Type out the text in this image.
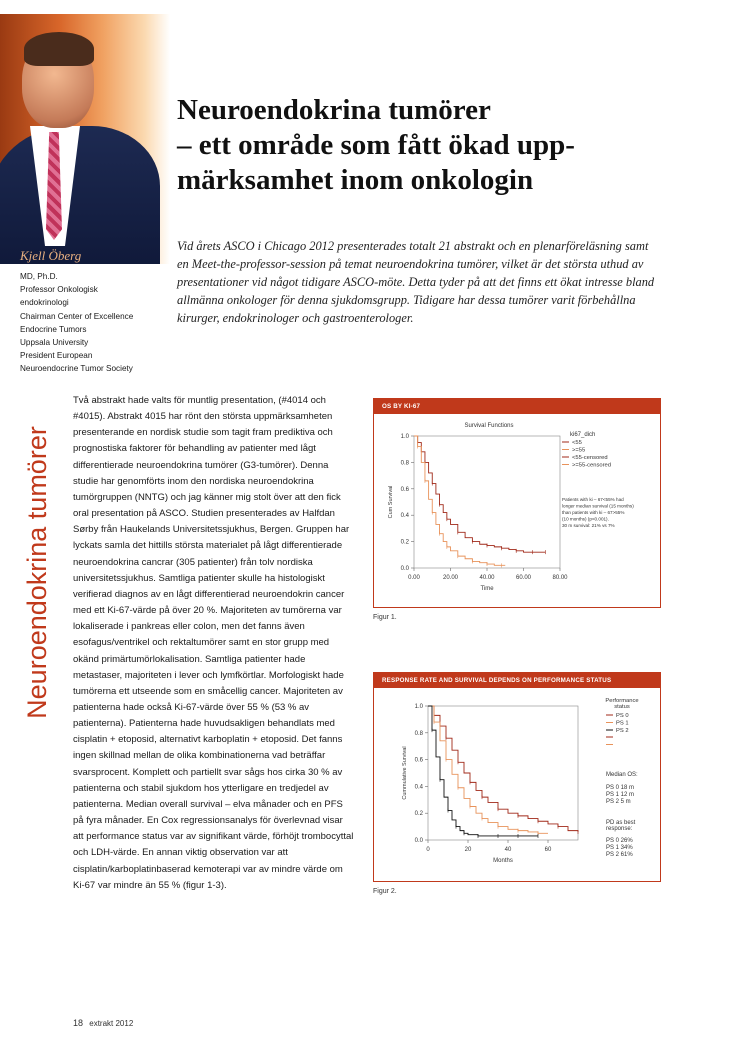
Kjell Öberg
MD, Ph.D.
Professor Onkologisk
endokrinologi
Chairman Center of Excellence
Endocrine Tumors
Uppsala University
President European
Neuroendocrine Tumor Society
Neuroendokrina tumörer
– ett område som fått ökad upp-
märksamhet inom onkologin

Vid årets ASCO i Chicago 2012 presenterades totalt 21 abstrakt och en plenarföreläsning samt en Meet-the-professor-session på temat neuroendokrina tumörer, vilket är det största uthud av presentationer vid något tidigare ASCO-möte. Detta tyder på att det finns ett ökat intresse bland allmänna onkologer för denna sjukdomsgrupp. Tidigare har dessa tumörer varit förbehållna kirurger, endokrinologer och gastroenterologer.

Neuroendokrina tumörer

Två abstrakt hade valts för muntlig presentation, (#4014 och #4015). Abstrakt 4015 har rönt den största uppmärksamheten presenterande en nordisk studie som tagit fram prediktiva och prognostiska faktorer för behandling av patienter med lågt differentierade neuroendokrina tumörer (G3-tumörer). Denna studie har genomförts inom den nordiska neuroendokrina tumörgruppen (NNTG) och jag känner mig stolt över att den fick oral presentation på ASCO. Studien presenterades av Halfdan Sørby från Haukelands Universitetssjukhus, Bergen. Gruppen har lyckats samla det hittills största materialet på lågt differentierade neuroendokrina cancrar (305 patienter) från tolv nordiska universitetssjukhus. Samtliga patienter skulle ha histologiskt verifierad diagnos av en lågt differentierad neuroendokrin cancer med ett Ki-67-värde på över 20 %. Majoriteten av tumörerna var lokaliserade i pankreas eller colon, men det fanns även esofagus/ventrikel och rektaltumörer samt en stor grupp med okänd primärtumörlokalisation. Samtliga patienter hade metastaser, majoriteten i lever och lymfkörtlar. Morfologiskt hade tumörerna ett utseende som en småcellig cancer. Majoriteten av patienterna hade också Ki-67-värde över 55 % (53 % av patienterna). Patienterna hade huvudsakligen behandlats med cisplatin + etoposid, alternativt karboplatin + etoposid. Det fanns ingen skillnad mellan de olika kombinationerna vad beträffar svarsprocent. Komplett och partiellt svar sågs hos cirka 30 % av patienterna och stabil sjukdom hos ytterligare en tredjedel av patienterna. Median overall survival – elva månader och en PFS på fyra månader. En Cox regressionsanalys för överlevnad visar att performance status var av signifikant värde, förhöjt trombocyttal och LDH-värde. En annan viktig observation var att cisplatin/karboplatinbaserad kemoterapi var av mindre värde om Ki-67 var mindre än 55 % (figur 1-3).

OS BY KI-67
Survival Functions
0.0
0.2
0.4
0.6
0.8
1.0
0.00	20.00	40.00	60.00	80.00
Time
Cum Survival
ki67_dich
<55
>=55
<55-censored
>=55-censored
Patients with ki – 67<55% had
longer median survival (15 months)
than patients with ki – 67>55%
(10 months) (p<0.001).
30 m survival: 21% vs 7%
Figur 1.
RESPONSE RATE AND SURVIVAL DEPENDS ON PERFORMANCE STATUS
0.0
0.2
0.4
0.6
0.8
1.0
0	20	40	60
Months
Cummulative Survival
Performance
status
PS 0
PS 1
PS 2
Median OS:
PS 0 18 m
PS 1 12 m
PS 2 5 m
PD as best
response:
PS 0 26%
PS 1 34%
PS 2 61%
Figur 2.
18 extrakt 2012
